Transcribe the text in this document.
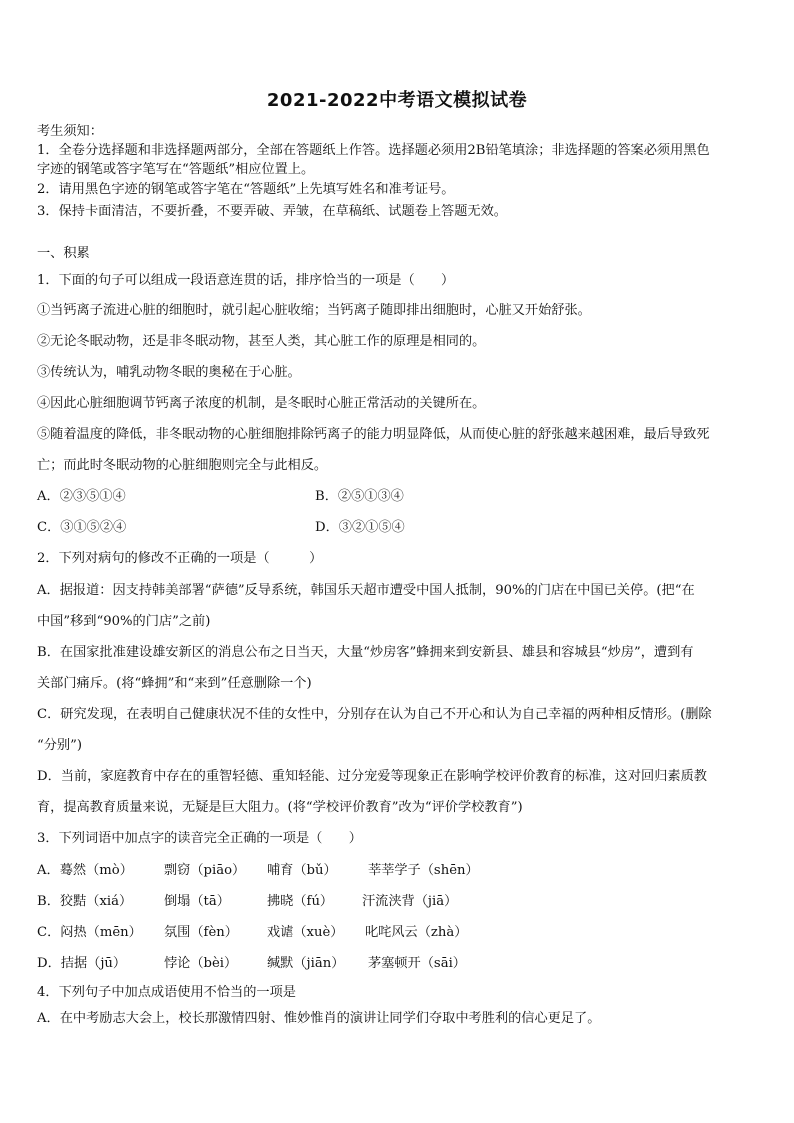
2021-2022中考语文模拟试卷
考生须知：
1．全卷分选择题和非选择题两部分，全部在答题纸上作答。选择题必须用2B铅笔填涂；非选择题的答案必须用黑色
字迹的钢笔或答字笔写在“答题纸”相应位置上。
2．请用黑色字迹的钢笔或答字笔在“答题纸”上先填写姓名和准考证号。
3．保持卡面清洁，不要折叠，不要弄破、弄皱，在草稿纸、试题卷上答题无效。
一、积累
1．下面的句子可以组成一段语意连贯的话，排序恰当的一项是（　　）
①当钙离子流进心脏的细胞时，就引起心脏收缩；当钙离子随即排出细胞时，心脏又开始舒张。
②无论冬眠动物，还是非冬眠动物，甚至人类，其心脏工作的原理是相同的。
③传统认为，哺乳动物冬眠的奥秘在于心脏。
④因此心脏细胞调节钙离子浓度的机制，是冬眠时心脏正常活动的关键所在。
⑤随着温度的降低，非冬眠动物的心脏细胞排除钙离子的能力明显降低，从而使心脏的舒张越来越困难，最后导致死
亡；而此时冬眠动物的心脏细胞则完全与此相反。
A．②③⑤①④	B．②⑤①③④
C．③①⑤②④	D．③②①⑤④
2．下列对病句的修改不正确的一项是（　　　）
A．据报道：因支持韩美部署“萨德”反导系统，韩国乐天超市遭受中国人抵制，90%的门店在中国已关停。(把“在
中国”移到“90%的门店”之前)
B．在国家批准建设雄安新区的消息公布之日当天，大量“炒房客”蜂拥来到安新县、雄县和容城县“炒房”，遭到有
关部门痛斥。(将“蜂拥”和“来到”任意删除一个)
C．研究发现，在表明自己健康状况不佳的女性中，分别存在认为自己不开心和认为自己幸福的两种相反情形。(删除
“分别”)
D．当前，家庭教育中存在的重智轻德、重知轻能、过分宠爱等现象正在影响学校评价教育的标准，这对回归素质教
育，提高教育质量来说，无疑是巨大阻力。(将“学校评价教育”改为“评价学校教育”)
3．下列词语中加点字的读音完全正确的一项是（　　）
A．蓦然（mò） 剽窃（piāo） 哺育（bǔ） 莘莘学子（shēn）
B．狡黠（xiá） 倒塌（tā）	拂晓（fú） 汗流浃背（jiā）
C．闷热（mēn） 氛围（fèn） 戏谑（xuè） 叱咤风云（zhà）
D．拮据（jū）	悖论（bèi） 缄默（jiān） 茅塞顿开（sāi）
4．下列句子中加点成语使用不恰当的一项是
A．在中考励志大会上，校长那激情四射、惟妙惟肖的演讲让同学们夺取中考胜利的信心更足了。
